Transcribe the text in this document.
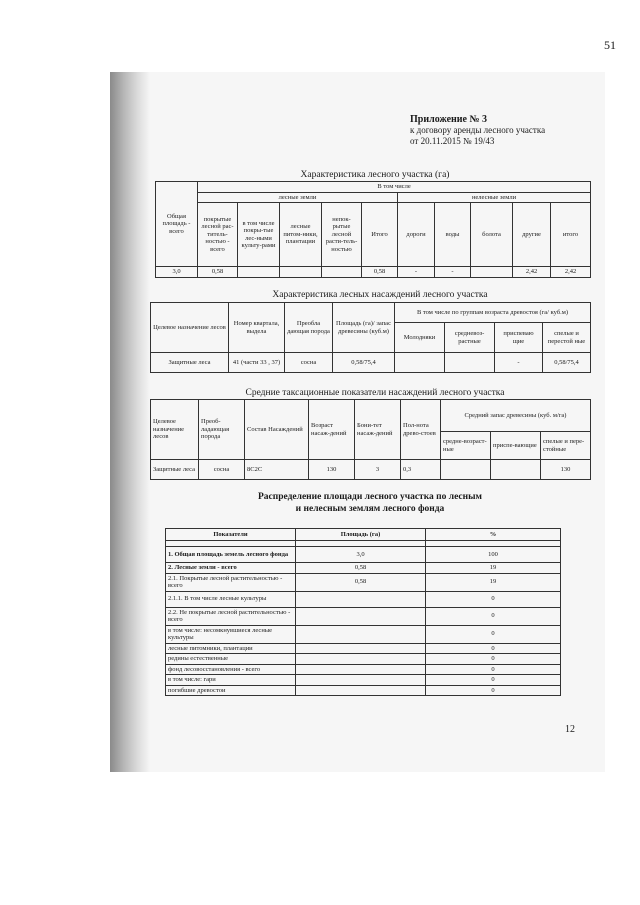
51
Приложение № 3
к договору аренды лесного участка
от 20.11.2015 № 19/43
Характеристика лесного участка (га)
Общая площадь - всего	В том числе									
	лесные земли					нелесные земли				
	покрытые лесной рас-титель-ностью - всего	в том числе покры-тые лес-ными культу-рами	лесные питом-ники, плантации	непок-рытые лесной расти-тель-ностью	Итого	дороги	воды	болота	другие	итого
3,0	0,58				0,58	-	-		2,42	2,42
Характеристика лесных насаждений лесного участка
Целевое назначение лесов	Номер квартала, выдела	Преобла дающая порода	Площадь (га)/ запас древесины (куб.м)	В том числе по группам возраста древостоя (га/ куб.м)			
				Молодняки	средневоз-растные	приспеваю щие	спелые и перестой ные
Защитные леса	41 (части 33 , 37)	сосна	0,58/75,4			-	0,58/75,4
Средние таксационные показатели насаждений лесного участка
Целевое назначение лесов	Преоб-ладающая порода	Состав Насаждений	Возраст насаж-дений	Бони-тет насаж-дений	Пол-нота древо-стоев	Средний запас древесины (куб. м/га)		
						средне-возраст-ные	приспе-вающие	спелые и пере-стойные
Защитные леса	сосна	8С2С	130	3	0,3			130
Распределение площади лесного участка по лесным
и нелесным землям лесного фонда
Показатели	Площадь (га)	%

1. Общая площадь земель лесного фонда	3,0	100
2. Лесные земли - всего	0,58	19
2.1. Покрытые лесной растительностью - всего	0,58	19
2.1.1. В том числе лесные культуры		0
2.2. Не покрытые лесной растительностью - всего		0
в том числе: несомкнувшиеся лесные культуры		0
лесные питомники, плантации		0
редины естественные		0
фонд лесовосстановления - всего		0
в том числе: гари		0
погибшие древостои		0
12
